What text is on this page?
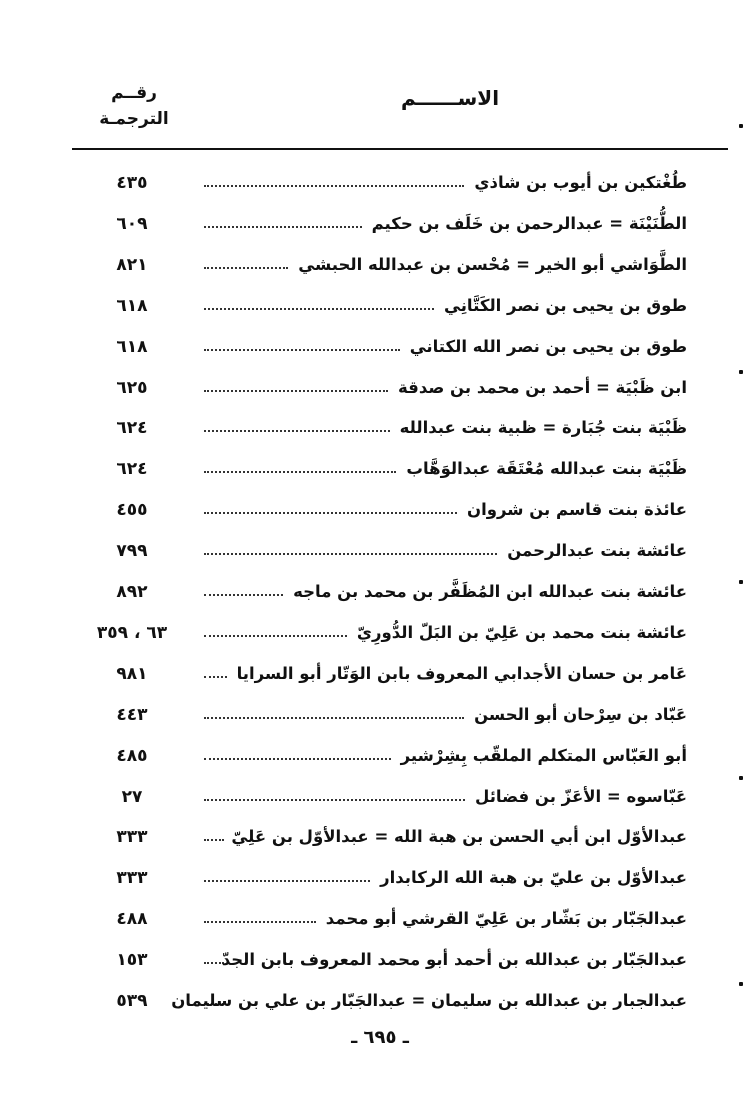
الاســــــم
رقــم
الترجمـة
طُغْتكين بن أيوب بن شاذي
٤٣٥
الطُّنَيْنَة = عبدالرحمن بن خَلَف بن حكيم
٦٠٩
الطَّوَاشي أبو الخير = مُحْسن بن عبدالله الحبشي
٨٢١
طوق بن يحيى بن نصر الكَتَّانِي
٦١٨
طوق بن يحيى بن نصر الله الكتاني
٦١٨
ابن ظَبْيَة = أحمد بن محمد بن صدقة
٦٢٥
ظَبْيَة بنت جُبَارة = ظبية بنت عبدالله
٦٢٤
ظَبْيَة بنت عبدالله مُعْتَقَة عبدالوَهَّاب
٦٢٤
عائذة بنت قاسم بن شروان
٤٥٥
عائشة بنت عبدالرحمن
٧٩٩
عائشة بنت عبدالله ابن المُظَفَّر بن محمد بن ماجه
٨٩٢
عائشة بنت محمد بن عَلِيّ بن البَلّ الدُّورِيّ
٦٣ ، ٣٥٩
عَامر بن حسان الأجدابي المعروف بابن الوَتّار أبو السرايا
٩٨١
عَبّاد بن سِرْحان أبو الحسن
٤٤٣
أبو العَبّاس المتكلم الملقّب بِشِرْشير
٤٨٥
عَبّاسوه = الأعَزّ بن فضائل
٢٧
عبدالأوّل ابن أبي الحسن بن هبة الله = عبدالأوّل بن عَلِيّ
٣٣٣
عبدالأوّل بن عليّ بن هبة الله الركابدار
٣٣٣
عبدالجَبّار بن بَشّار بن عَلِيّ القرشي أبو محمد
٤٨٨
عبدالجَبّار بن عبدالله بن أحمد أبو محمد المعروف بابن الجدّ
١٥٣
عبدالجبار بن عبدالله بن سليمان = عبدالجَبّار بن علي بن سليمان
٥٣٩
ـ ٦٩٥ ـ
